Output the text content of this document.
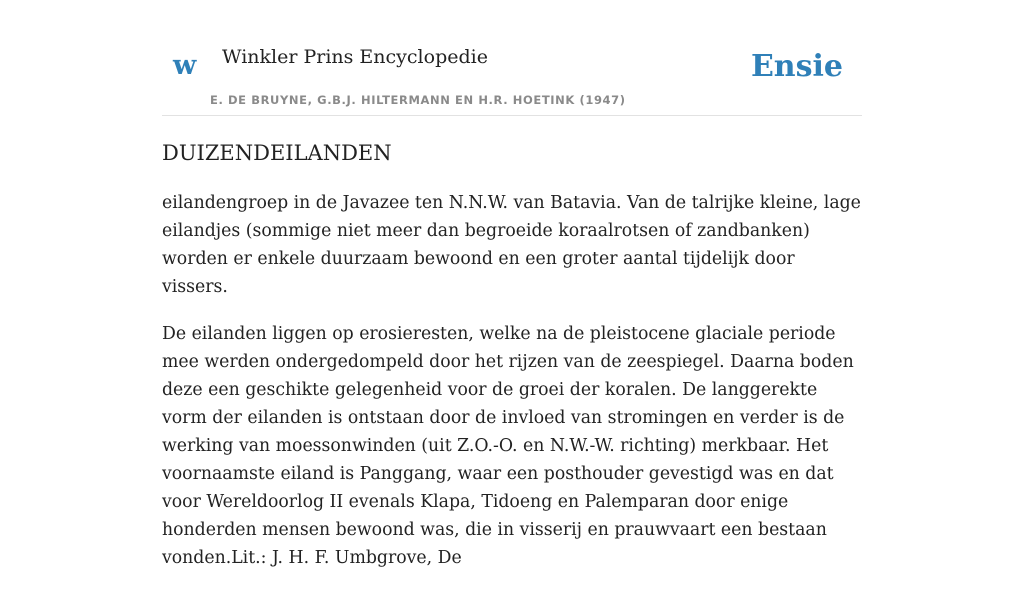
w Winkler Prins Encyclopedie
E. DE BRUYNE, G.B.J. HILTERMANN EN H.R. HOETINK (1947)
Ensie
DUIZENDEILANDEN

eilandengroep in de Javazee ten N.N.W. van Batavia. Van de talrijke kleine, lage eilandjes (sommige niet meer dan begroeide koraalrotsen of zandbanken) worden er enkele duurzaam bewoond en een groter aantal tijdelijk door vissers.

De eilanden liggen op erosieresten, welke na de pleistocene glaciale periode mee werden ondergedompeld door het rijzen van de zeespiegel. Daarna boden deze een geschikte gelegenheid voor de groei der koralen. De langgerekte vorm der eilanden is ontstaan door de invloed van stromingen en verder is de werking van moessonwinden (uit Z.O.-O. en N.W.-W. richting) merkbaar. Het voornaamste eiland is Panggang, waar een posthouder gevestigd was en dat voor Wereldoorlog II evenals Klapa, Tidoeng en Palemparan door enige honderden mensen bewoond was, die in visserij en prauwvaart een bestaan vonden.Lit.: J. H. F. Umbgrove, De
